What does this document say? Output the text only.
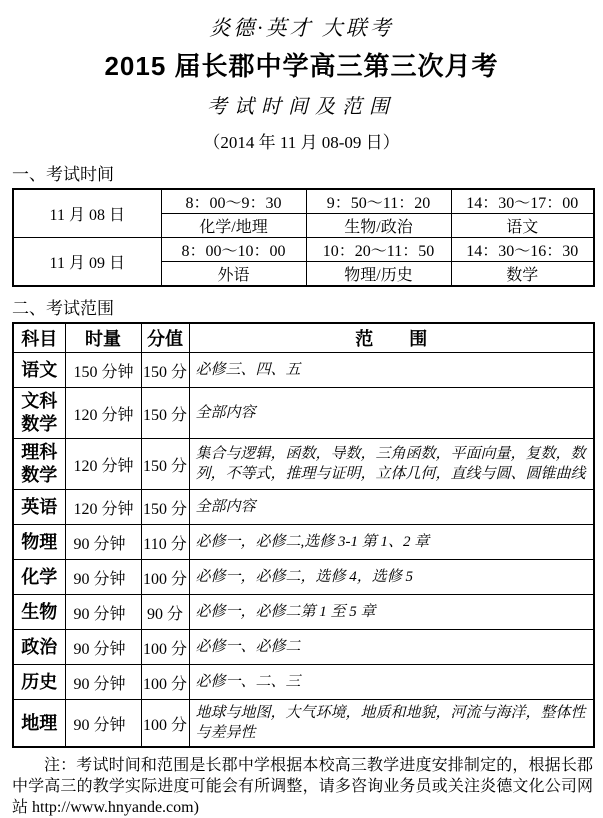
炎德·英才 大联考
2015 届长郡中学高三第三次月考
考试时间及范围
（2014 年 11 月 08-09 日）
一、考试时间
11 月 08 日	8：00～9：30	9：50～11：20	14：30～17：00
	化学/地理	生物/政治	语文
11 月 09 日	8：00～10：00	10：20～11：50	14：30～16：30
	外语	物理/历史	数学
二、考试范围
科目	时量	分值	范　　围
语文	150 分钟	150 分	必修三、四、五
文科数学	120 分钟	150 分	全部内容
理科数学	120 分钟	150 分	集合与逻辑，函数，导数，三角函数，平面向量，复数，数列，不等式，推理与证明，立体几何，直线与圆、圆锥曲线
英语	120 分钟	150 分	全部内容
物理	90 分钟	110 分	必修一，必修二,选修 3-1 第 1、2 章
化学	90 分钟	100 分	必修一，必修二，选修 4，选修 5
生物	90 分钟	90 分	必修一，必修二第 1 至 5 章
政治	90 分钟	100 分	必修一、必修二
历史	90 分钟	100 分	必修一、二、三
地理	90 分钟	100 分	地球与地图，大气环境，地质和地貌，河流与海洋，整体性与差异性

注：考试时间和范围是长郡中学根据本校高三教学进度安排制定的，根据长郡中学高三的教学实际进度可能会有所调整，请多咨询业务员或关注炎德文化公司网站 http://www.hnyande.com)
